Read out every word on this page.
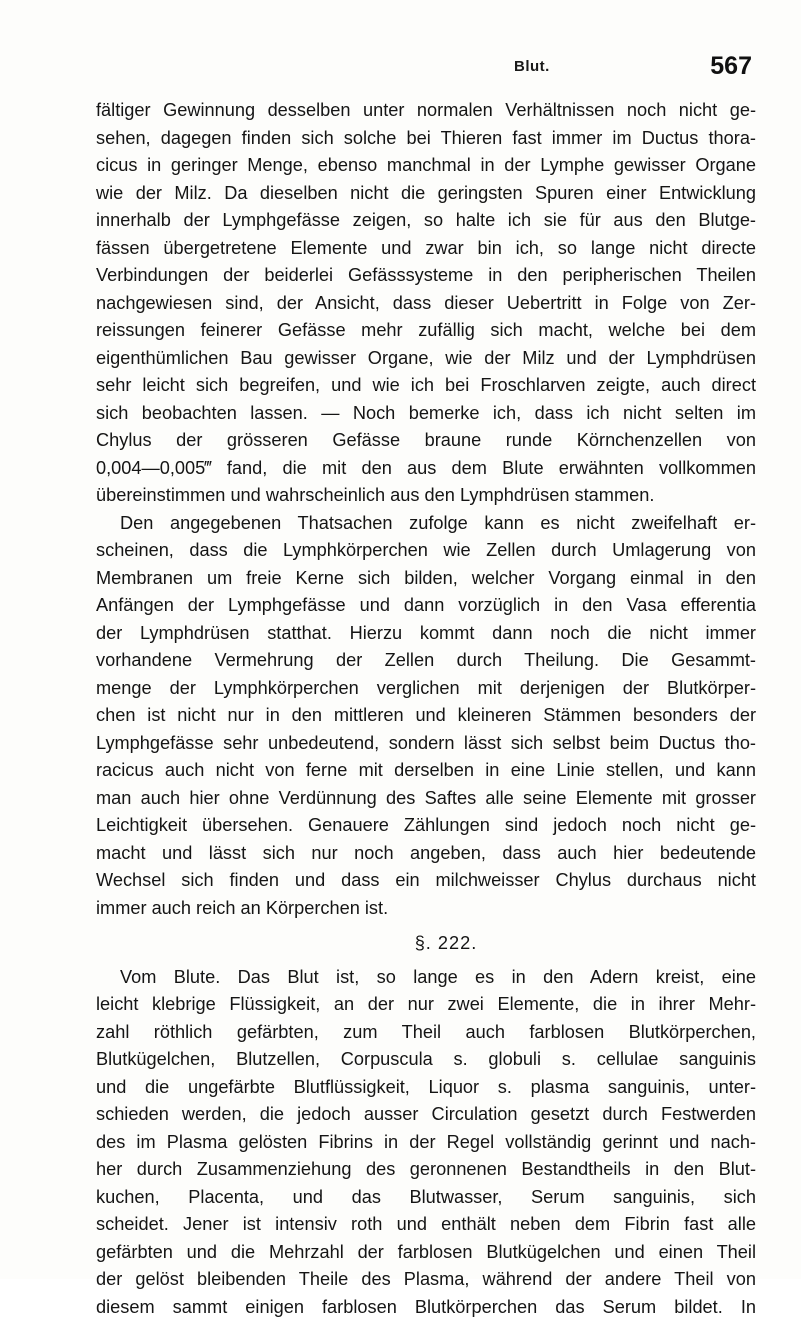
Blut.	567

fältiger Gewinnung desselben unter normalen Verhältnissen noch nicht ge-
sehen, dagegen finden sich solche bei Thieren fast immer im Ductus thora-
cicus in geringer Menge, ebenso manchmal in der Lymphe gewisser Organe
wie der Milz. Da dieselben nicht die geringsten Spuren einer Entwicklung
innerhalb der Lymphgefässe zeigen, so halte ich sie für aus den Blutge-
fässen übergetretene Elemente und zwar bin ich, so lange nicht directe
Verbindungen der beiderlei Gefässsysteme in den peripherischen Theilen
nachgewiesen sind, der Ansicht, dass dieser Uebertritt in Folge von Zer-
reissungen feinerer Gefässe mehr zufällig sich macht, welche bei dem
eigenthümlichen Bau gewisser Organe, wie der Milz und der Lymphdrüsen
sehr leicht sich begreifen, und wie ich bei Froschlarven zeigte, auch direct
sich beobachten lassen. — Noch bemerke ich, dass ich nicht selten im
Chylus der grösseren Gefässe braune runde Körnchenzellen von
0,004—0,005‴ fand, die mit den aus dem Blute erwähnten vollkommen
übereinstimmen und wahrscheinlich aus den Lymphdrüsen stammen.

Den angegebenen Thatsachen zufolge kann es nicht zweifelhaft er-
scheinen, dass die Lymphkörperchen wie Zellen durch Umlagerung von
Membranen um freie Kerne sich bilden, welcher Vorgang einmal in den
Anfängen der Lymphgefässe und dann vorzüglich in den Vasa efferentia
der Lymphdrüsen statthat. Hierzu kommt dann noch die nicht immer
vorhandene Vermehrung der Zellen durch Theilung. Die Gesammt-
menge der Lymphkörperchen verglichen mit derjenigen der Blutkörper-
chen ist nicht nur in den mittleren und kleineren Stämmen besonders der
Lymphgefässe sehr unbedeutend, sondern lässt sich selbst beim Ductus tho-
racicus auch nicht von ferne mit derselben in eine Linie stellen, und kann
man auch hier ohne Verdünnung des Saftes alle seine Elemente mit grosser
Leichtigkeit übersehen. Genauere Zählungen sind jedoch noch nicht ge-
macht und lässt sich nur noch angeben, dass auch hier bedeutende
Wechsel sich finden und dass ein milchweisser Chylus durchaus nicht
immer auch reich an Körperchen ist.

§. 222.

Vom Blute. Das Blut ist, so lange es in den Adern kreist, eine
leicht klebrige Flüssigkeit, an der nur zwei Elemente, die in ihrer Mehr-
zahl röthlich gefärbten, zum Theil auch farblosen Blutkörperchen,
Blutkügelchen, Blutzellen, Corpuscula s. globuli s. cellulae sanguinis
und die ungefärbte Blutflüssigkeit, Liquor s. plasma sanguinis, unter-
schieden werden, die jedoch ausser Circulation gesetzt durch Festwerden
des im Plasma gelösten Fibrins in der Regel vollständig gerinnt und nach-
her durch Zusammenziehung des geronnenen Bestandtheils in den Blut-
kuchen, Placenta, und das Blutwasser, Serum sanguinis, sich
scheidet. Jener ist intensiv roth und enthält neben dem Fibrin fast alle
gefärbten und die Mehrzahl der farblosen Blutkügelchen und einen Theil
der gelöst bleibenden Theile des Plasma, während der andere Theil von
diesem sammt einigen farblosen Blutkörperchen das Serum bildet. In
